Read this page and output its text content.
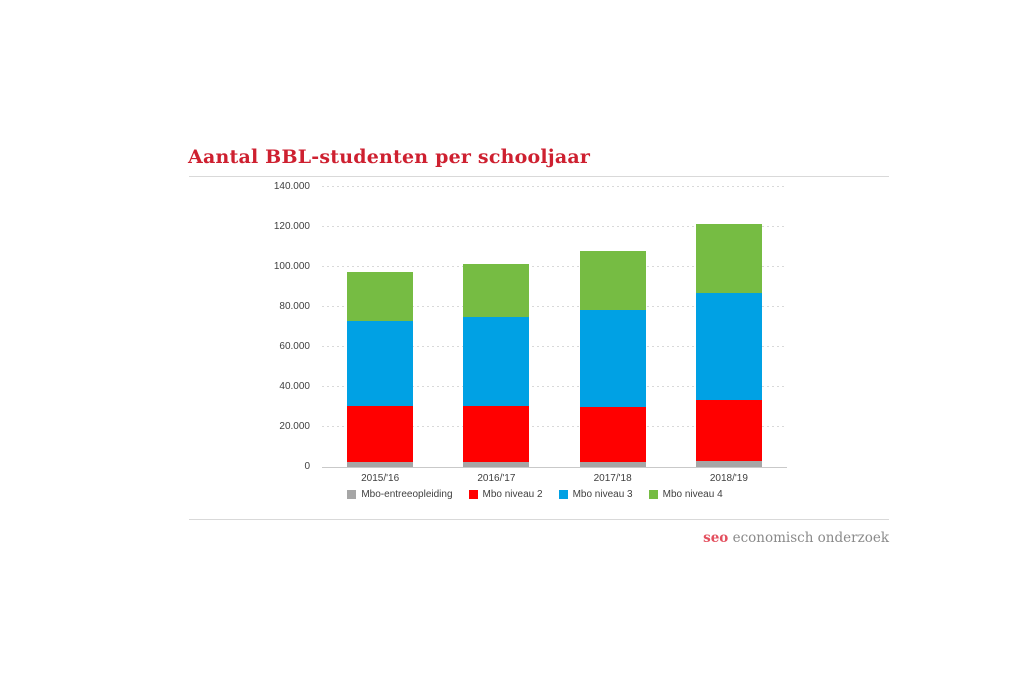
Aantal BBL-studenten per schooljaar
0
20.000
40.000
60.000
80.000
100.000
120.000
140.000
2015/'16	2016/'17	2017/'18	2018/'19
Mbo-entreeopleiding	Mbo niveau 2	Mbo niveau 3	Mbo niveau 4
seo economisch onderzoek
